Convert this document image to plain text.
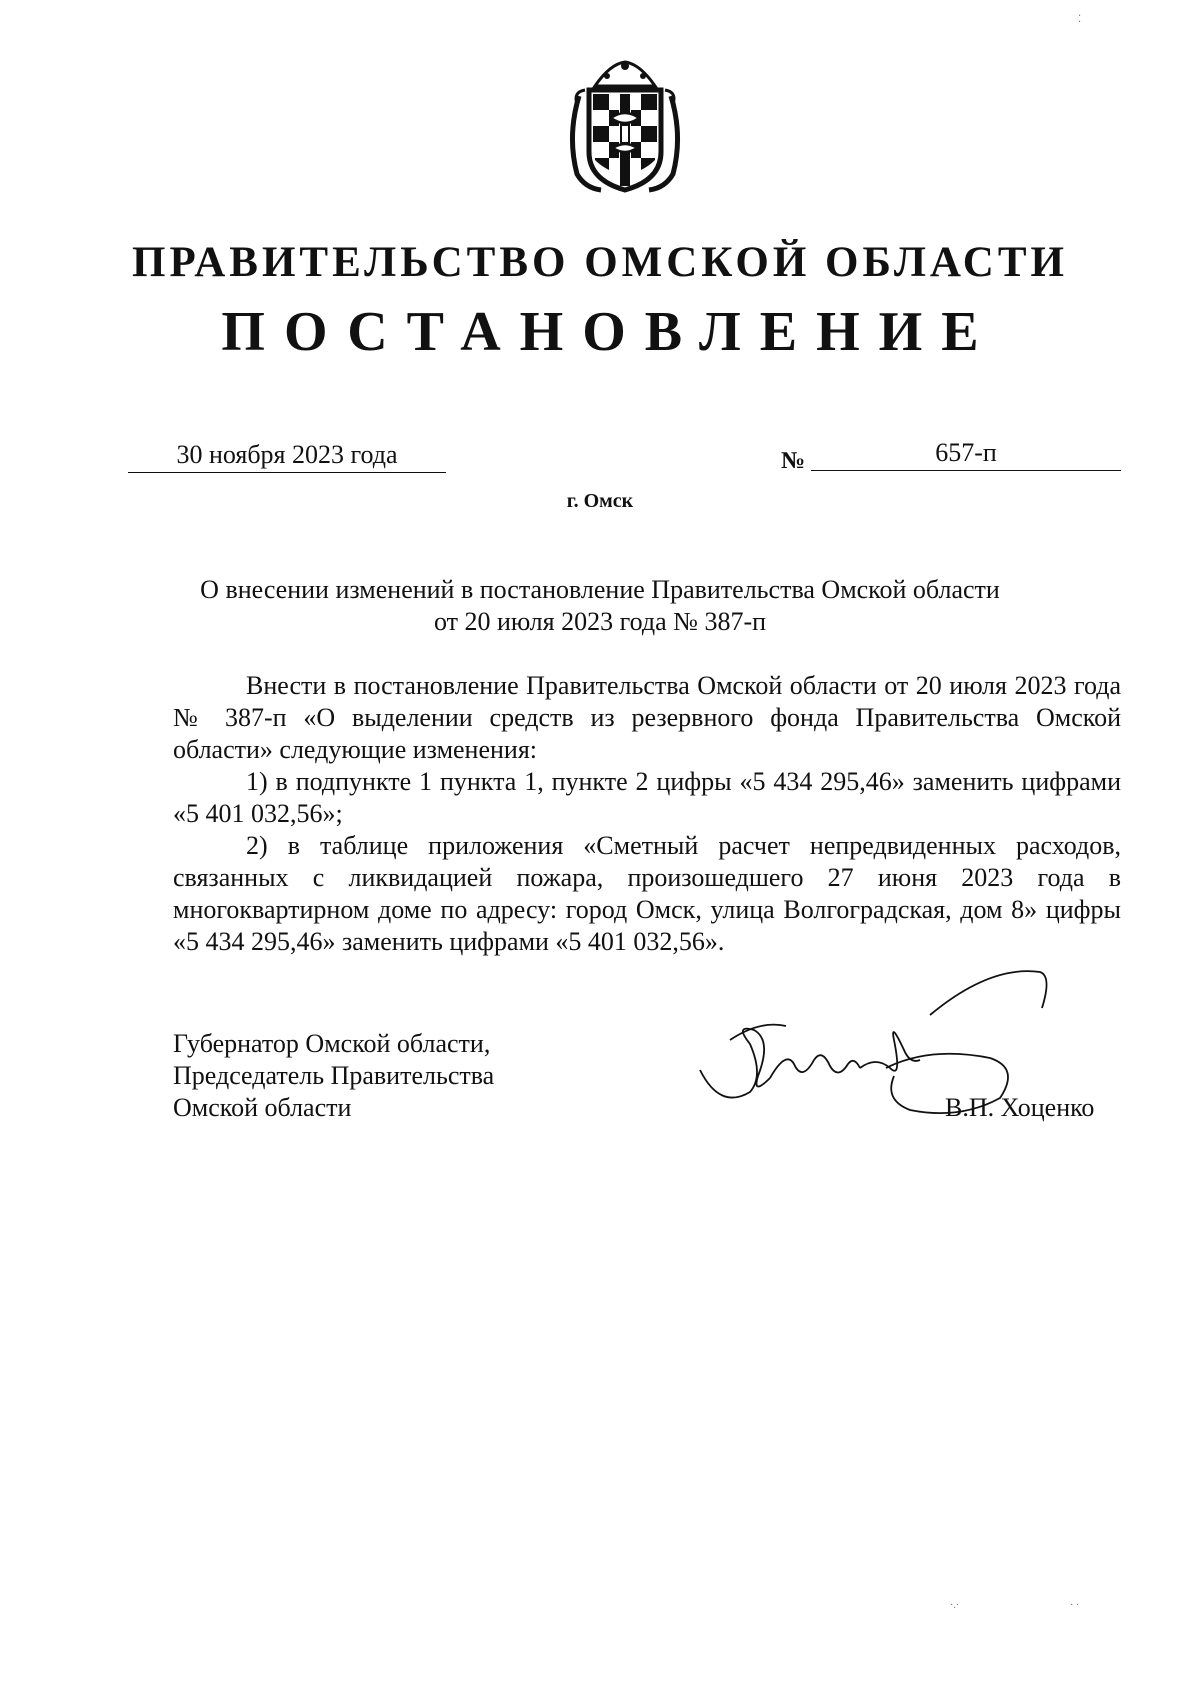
ПРАВИТЕЛЬСТВО ОМСКОЙ ОБЛАСТИ
ПОСТАНОВЛЕНИЕ
30 ноября 2023 года	№	657-п
г. Омск
О внесении изменений в постановление Правительства Омской области
от 20 июля 2023 года № 387-п

Внести в постановление Правительства Омской области от 20 июля 2023 года № 387-п «О выделении средств из резервного фонда Правительства Омской области» следующие изменения:

1) в подпункте 1 пункта 1, пункте 2 цифры «5 434 295,46» заменить цифрами «5 401 032,56»;

2) в таблице приложения «Сметный расчет непредвиденных расходов, связанных с ликвидацией пожара, произошедшего 27 июня 2023 года в многоквартирном доме по адресу: город Омск, улица Волгоградская, дом 8» цифры «5 434 295,46» заменить цифрами «5 401 032,56».

Губернатор Омской области,
Председатель Правительства
Омской области	В.П. Хоценко
⁚
·.·	· ·
